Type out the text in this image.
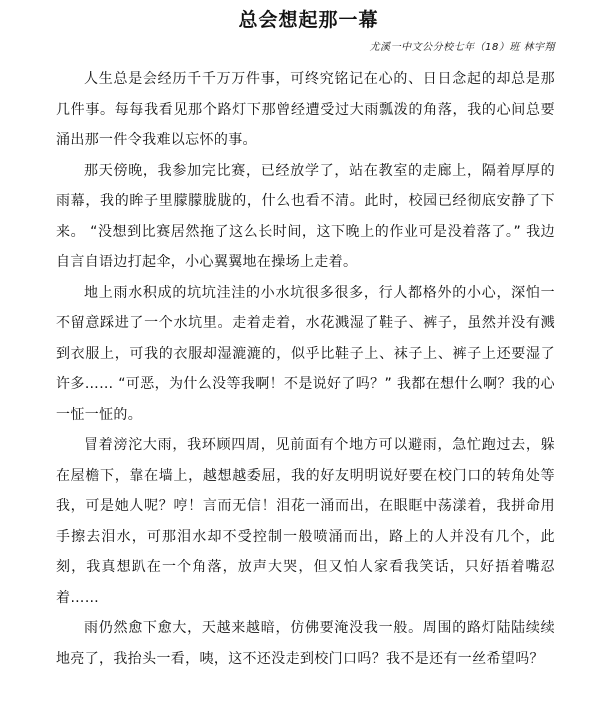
总会想起那一幕
尤溪一中文公分校七年（18）班 林宇翔

人生总是会经历千千万万件事，可终究铭记在心的、日日念起的却总是那几件事。每每我看见那个路灯下那曾经遭受过大雨瓢泼的角落，我的心间总要涌出那一件令我难以忘怀的事。

那天傍晚，我参加完比赛，已经放学了，站在教室的走廊上，隔着厚厚的雨幕，我的眸子里朦朦胧胧的，什么也看不清。此时，校园已经彻底安静了下来。 “没想到比赛居然拖了这么长时间，这下晚上的作业可是没着落了。” 我边自言自语边打起伞，小心翼翼地在操场上走着。

地上雨水积成的坑坑洼洼的小水坑很多很多，行人都格外的小心，深怕一不留意踩进了一个水坑里。走着走着，水花溅湿了鞋子、裤子，虽然并没有溅到衣服上，可我的衣服却湿漉漉的，似乎比鞋子上、袜子上、裤子上还要湿了许多…… “可恶，为什么没等我啊！不是说好了吗？” 我都在想什么啊？我的心一怔一怔的。

冒着滂沱大雨，我环顾四周，见前面有个地方可以避雨，急忙跑过去，躲在屋檐下，靠在墙上，越想越委屈，我的好友明明说好要在校门口的转角处等我，可是她人呢？哼！言而无信！泪花一涌而出，在眼眶中荡漾着，我拼命用手擦去泪水，可那泪水却不受控制一般喷涌而出，路上的人并没有几个，此刻，我真想趴在一个角落，放声大哭，但又怕人家看我笑话，只好捂着嘴忍着……

雨仍然愈下愈大，天越来越暗，仿佛要淹没我一般。周围的路灯陆陆续续地亮了，我抬头一看，咦，这不还没走到校门口吗？我不是还有一丝希望吗？
